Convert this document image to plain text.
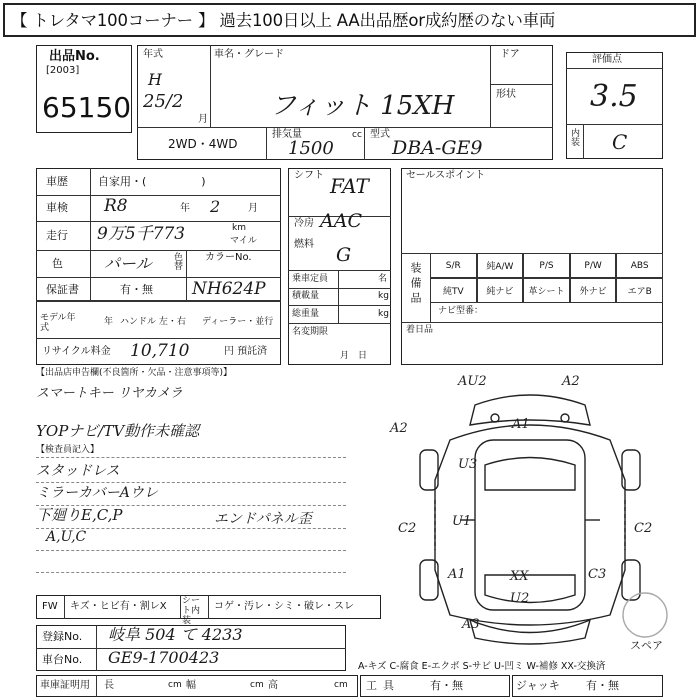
【 トレタマ100コーナー 】 過去100日以上 AA出品歴or成約歴のない車両
出品No.
[2003]
65150
年式
H
25/2
月
車名・グレード
フィット 15XH
ドア
形状
2WD・4WD
排気量	cc
1500
型式
DBA-GE9
評価点
3.5
内装 C
車歴	自家用・(　　　　　)
車検 R8	年 2	月
走行 9万5千773	km
マイル
色	パール 色替 カラーNo.
保証書	有・無 NH624P
モデル年式
年 ハンドル 左・右 ディーラー・並行
リサイクル料金 10,710	円 預託済
シフト FAT
冷房 AAC
燃料 G
乗車定員	名
積載量	kg
総重量	kg
名変期限
月　日
セールスポイント
装備品	S/R	純A/W	P/S	P/W	ABS
純TV	純ナビ	革シート	外ナビ	エアB
ナビ型番：
着日品
【出品店申告欄(不良箇所・欠品・注意事項等)】
スマートキー リヤカメラ
YOPナビ/TV動作未確認
【検査員記入】
スタッドレス
ミラーカバーAウレ
下廻りE,C,P	エンドパネル歪
A,U,C
AU2	A2
A2	A1
U3
U1
C2	C2
A1	XX
U2
C3
A3
スペア
FW キズ・ヒビ有・割レX シート内装
コゲ・汚レ・シミ・破レ・スレ
登録No. 岐阜 504 て 4233
車台No. GE9-1700423	A-キズ C-腐食 E-エクボ S-サビ U-凹ミ W-補修 XX-交換済
車庫証明用 長	cm 幅	cm 高	cm 工具	有・無	ジャッキ 有・無
